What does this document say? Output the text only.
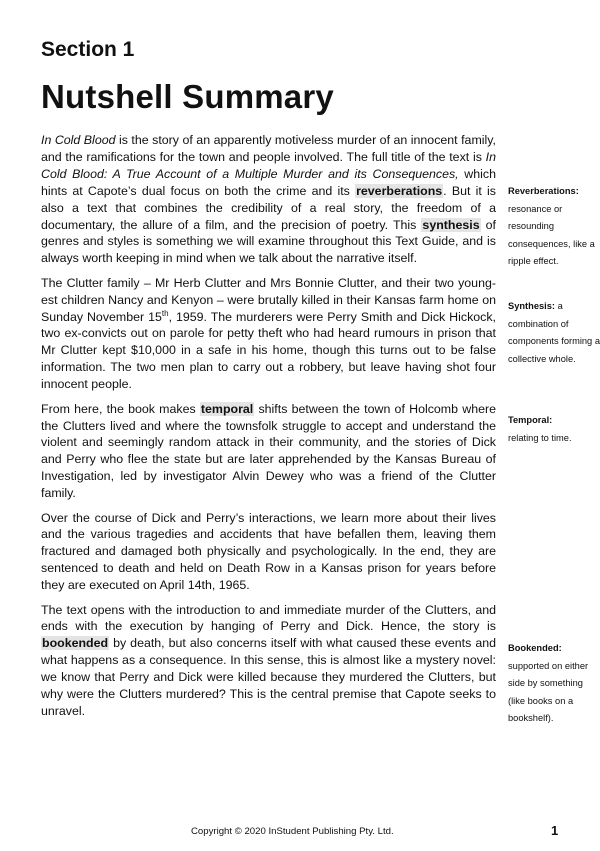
Section 1
Nutshell Summary

In Cold Blood is the story of an apparently motiveless murder of an innocent family, and the ramifications for the town and people involved. The full title of the text is In Cold Blood: A True Account of a Multiple Murder and its Consequences, which hints at Capote’s dual focus on both the crime and its reverberations. But it is also a text that combines the credibility of a real story, the freedom of a documentary, the allure of a film, and the precision of poetry. This synthesis of genres and styles is something we will examine throughout this Text Guide, and is always worth keeping in mind when we talk about the narrative itself.

The Clutter family – Mr Herb Clutter and Mrs Bonnie Clutter, and their two youngest children Nancy and Kenyon – were brutally killed in their Kansas farm home on Sunday November 15th, 1959. The murderers were Perry Smith and Dick Hickock, two ex-convicts out on parole for petty theft who had heard rumours in prison that Mr Clutter kept $10,000 in a safe in his home, though this turns out to be false information. The two men plan to carry out a robbery, but leave having shot four innocent people.

From here, the book makes temporal shifts between the town of Holcomb where the Clutters lived and where the townsfolk struggle to accept and understand the violent and seemingly random attack in their community, and the stories of Dick and Perry who flee the state but are later apprehended by the Kansas Bureau of Investigation, led by investigator Alvin Dewey who was a friend of the Clutter family.

Over the course of Dick and Perry’s interactions, we learn more about their lives and the various tragedies and accidents that have befallen them, leaving them fractured and damaged both physically and psychologically. In the end, they are sentenced to death and held on Death Row in a Kansas prison for years before they are executed on April 14th, 1965.

The text opens with the introduction to and immediate murder of the Clutters, and ends with the execution by hanging of Perry and Dick. Hence, the story is bookended by death, but also concerns itself with what caused these events and what happens as a consequence. In this sense, this is almost like a mystery novel: we know that Perry and Dick were killed because they murdered the Clutters, but why were the Clutters murdered? This is the central premise that Capote seeks to unravel.

Reverberations:
resonance or resounding consequences, like a ripple effect.
Synthesis: a combination of components forming a collective whole.
Temporal:
relating to time.
Bookended:
supported on either side by something (like books on a bookshelf).
Copyright © 2020 InStudent Publishing Pty. Ltd.	1
